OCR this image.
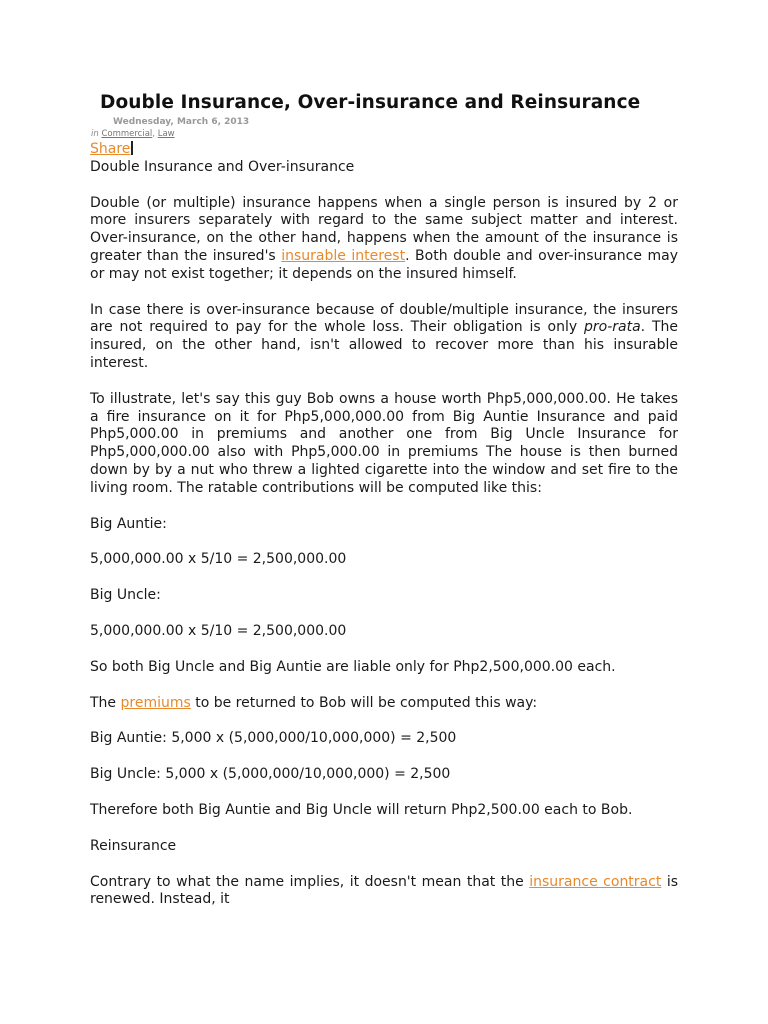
Double Insurance, Over-insurance and Reinsurance
Wednesday, March 6, 2013
in Commercial, Law

Share

Double Insurance and Over-insurance

Double (or multiple) insurance happens when a single person is insured by 2 or more insurers separately with regard to the same subject matter and interest. Over-insurance, on the other hand, happens when the amount of the insurance is greater than the insured's insurable interest. Both double and over-insurance may or may not exist together; it depends on the insured himself.

In case there is over-insurance because of double/multiple insurance, the insurers are not required to pay for the whole loss. Their obligation is only pro-rata. The insured, on the other hand, isn't allowed to recover more than his insurable interest.

To illustrate, let's say this guy Bob owns a house worth Php5,000,000.00. He takes a fire insurance on it for Php5,000,000.00 from Big Auntie Insurance and paid Php5,000.00 in premiums and another one from Big Uncle Insurance for Php5,000,000.00 also with Php5,000.00 in premiums The house is then burned down by by a nut who threw a lighted cigarette into the window and set fire to the living room. The ratable contributions will be computed like this:

Big Auntie:

5,000,000.00 x 5/10 = 2,500,000.00

Big Uncle:

5,000,000.00 x 5/10 = 2,500,000.00

So both Big Uncle and Big Auntie are liable only for Php2,500,000.00 each.

The premiums to be returned to Bob will be computed this way:

Big Auntie: 5,000 x (5,000,000/10,000,000) = 2,500

Big Uncle: 5,000 x (5,000,000/10,000,000) = 2,500

Therefore both Big Auntie and Big Uncle will return Php2,500.00 each to Bob.

Reinsurance

Contrary to what the name implies, it doesn't mean that the insurance contract is renewed. Instead, it
